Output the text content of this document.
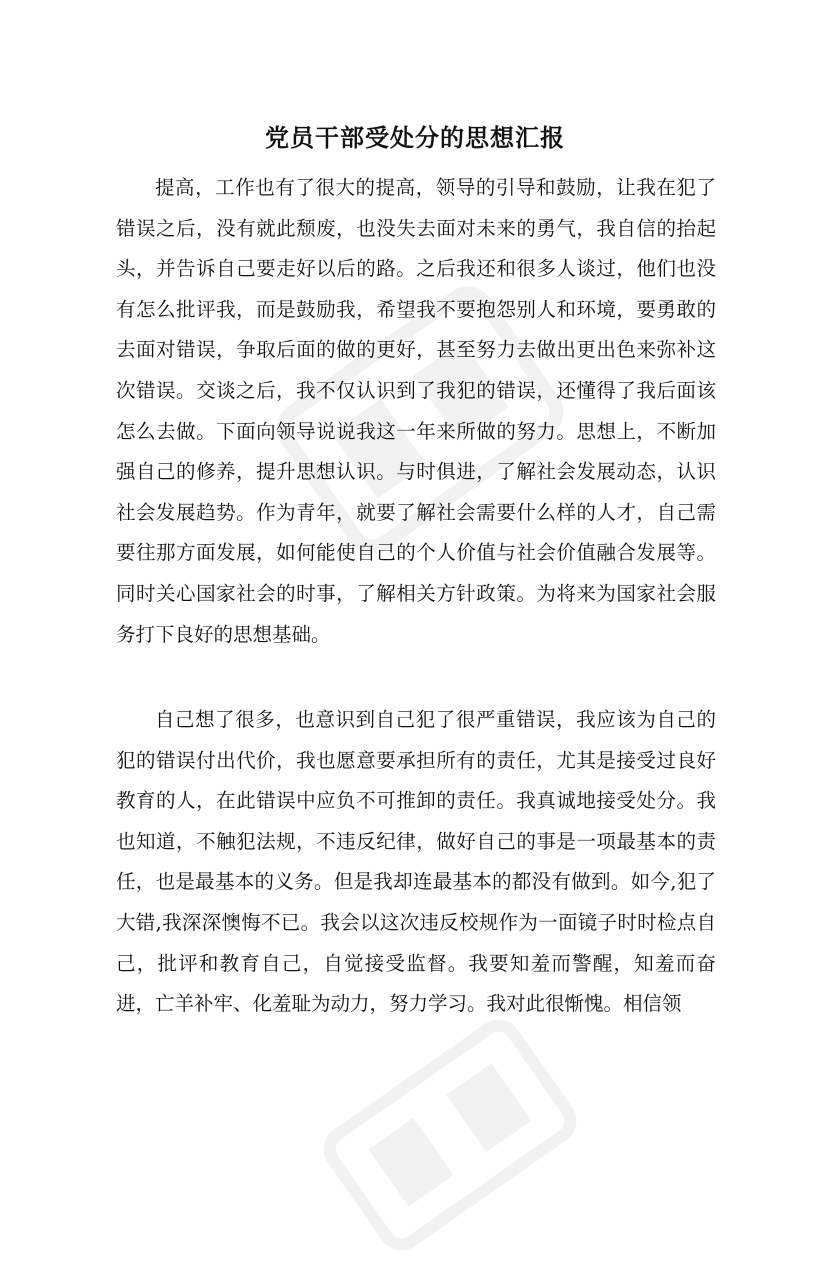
党员干部受处分的思想汇报

提高，工作也有了很大的提高，领导的引导和鼓励，让我在犯了错误之后，没有就此颓废，也没失去面对未来的勇气，我自信的抬起头，并告诉自己要走好以后的路。之后我还和很多人谈过，他们也没有怎么批评我，而是鼓励我，希望我不要抱怨别人和环境，要勇敢的去面对错误，争取后面的做的更好，甚至努力去做出更出色来弥补这次错误。交谈之后，我不仅认识到了我犯的错误，还懂得了我后面该怎么去做。下面向领导说说我这一年来所做的努力。思想上，不断加强自己的修养，提升思想认识。与时俱进，了解社会发展动态，认识社会发展趋势。作为青年，就要了解社会需要什么样的人才，自己需要往那方面发展，如何能使自己的个人价值与社会价值融合发展等。同时关心国家社会的时事，了解相关方针政策。为将来为国家社会服务打下良好的思想基础。

自己想了很多，也意识到自己犯了很严重错误，我应该为自己的犯的错误付出代价，我也愿意要承担所有的责任，尤其是接受过良好教育的人，在此错误中应负不可推卸的责任。我真诚地接受处分。我也知道，不触犯法规，不违反纪律，做好自己的事是一项最基本的责任，也是最基本的义务。但是我却连最基本的都没有做到。如今,犯了大错,我深深懊悔不已。我会以这次违反校规作为一面镜子时时检点自己，批评和教育自己，自觉接受监督。我要知羞而警醒，知羞而奋进，亡羊补牢、化羞耻为动力，努力学习。我对此很惭愧。相信领
